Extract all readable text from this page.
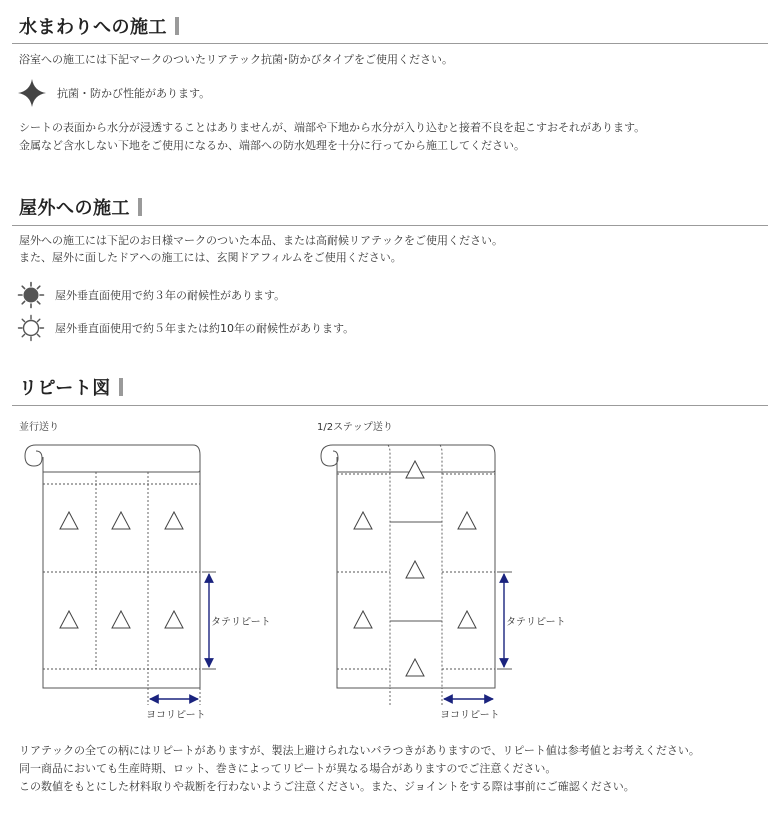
水まわりへの施工

浴室への施工には下記マークのついたリアテック抗菌･防かびタイプをご使用ください。

抗菌・防かび性能があります。

シートの表面から水分が浸透することはありませんが、端部や下地から水分が入り込むと接着不良を起こすおそれがあります。

金属など含水しない下地をご使用になるか、端部への防水処理を十分に行ってから施工してください。

屋外への施工

屋外への施工には下記のお日様マークのついた本品、または高耐候リアテックをご使用ください。

また、屋外に面したドアへの施工には、玄関ドアフィルムをご使用ください。

屋外垂直面使用で約３年の耐候性があります。
屋外垂直面使用で約５年または約10年の耐候性があります。
リピート図
並行送り
タテリピート
ヨコリピート
1/2ステップ送り
タテリピート
ヨコリピート

リアテックの全ての柄にはリピートがありますが、製法上避けられないバラつきがありますので、リピート値は参考値とお考えください。

同一商品においても生産時期、ロット、巻きによってリピートが異なる場合がありますのでご注意ください。

この数値をもとにした材料取りや裁断を行わないようご注意ください。また、ジョイントをする際は事前にご確認ください。
